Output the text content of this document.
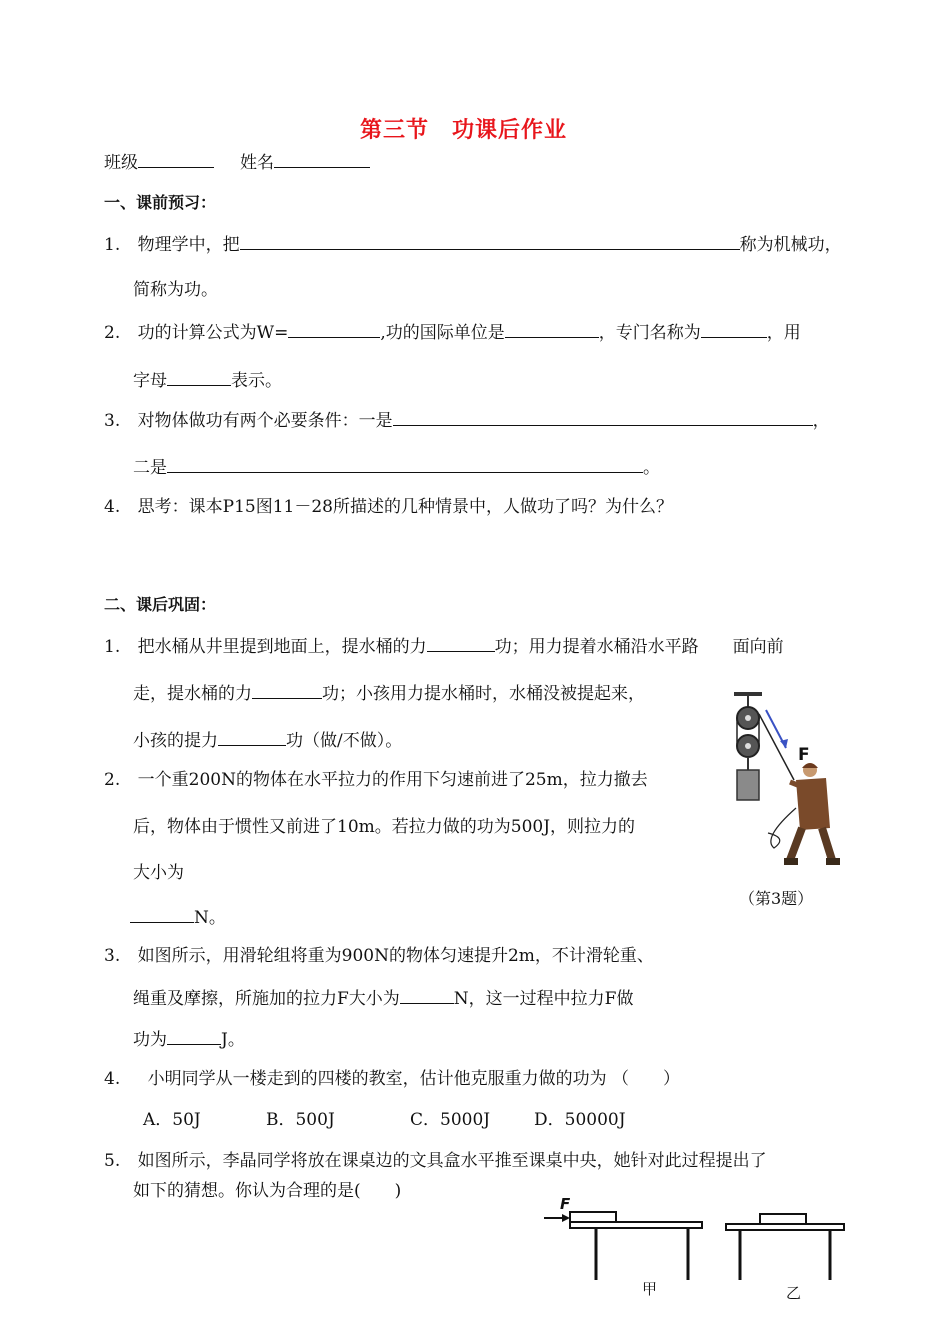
第三节　功课后作业
班级	姓名
一、课前预习：
1. 物理学中，把	称为机械功，
简称为功。
2. 功的计算公式为W=	,功的国际单位是	，专门名称为	，用
字母	表示。
3. 对物体做功有两个必要条件：一是	，
二是	。
4. 思考：课本P15图11－28所描述的几种情景中，人做功了吗？为什么？
二、课后巩固：
1. 把水桶从井里提到地面上，提水桶的力	功；用力提着水桶沿水平路　　面向前
走，提水桶的力	功；小孩用力提水桶时，水桶没被提起来，
小孩的提力	功（做/不做）。
2. 一个重200N的物体在水平拉力的作用下匀速前进了25m，拉力撤去
后，物体由于惯性又前进了10m。若拉力做的功为500J，则拉力的
大小为
N。
3. 如图所示，用滑轮组将重为900N的物体匀速提升2m，不计滑轮重、
绳重及摩擦，所施加的拉力F大小为	N，这一过程中拉力F做
功为	J。
4. 小明同学从一楼走到的四楼的教室，估计他克服重力做的功为 （　　）
A．50J	B．500J	C．5000J	D．50000J
5. 如图所示，李晶同学将放在课桌边的文具盒水平推至课桌中央，她针对此过程提出了
如下的猜想。你认为合理的是(　　)
F
（第3题）
F
甲	乙
